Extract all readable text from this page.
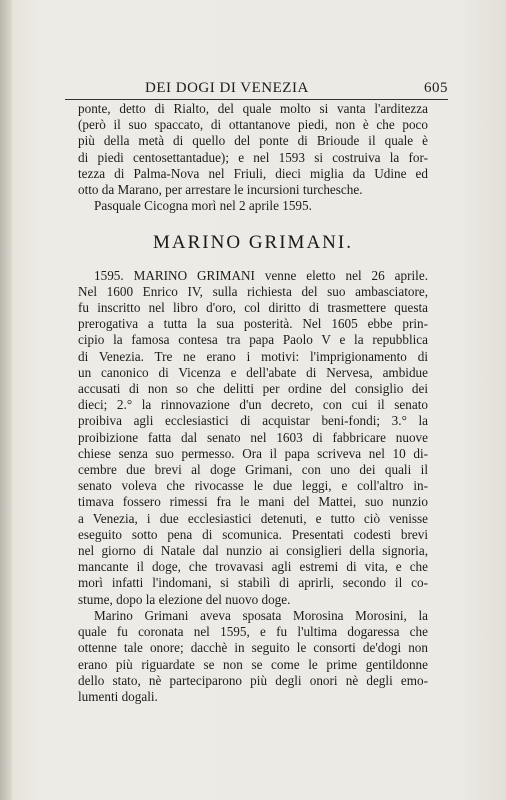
DEI DOGI DI VENEZIA	605
ponte, detto di Rialto, del quale molto si vanta l'arditezza
(però il suo spaccato, di ottantanove piedi, non è che poco
più della metà di quello del ponte di Brioude il quale è
di piedi centosettantadue); e nel 1593 si costruiva la for-
tezza di Palma-Nova nel Friuli, dieci miglia da Udine ed
otto da Marano, per arrestare le incursioni turchesche.
Pasquale Cicogna morì nel 2 aprile 1595.
MARINO GRIMANI.
1595. MARINO GRIMANI venne eletto nel 26 aprile.
Nel 1600 Enrico IV, sulla richiesta del suo ambasciatore,
fu inscritto nel libro d'oro, col diritto di trasmettere questa
prerogativa a tutta la sua posterità. Nel 1605 ebbe prin-
cipio la famosa contesa tra papa Paolo V e la repubblica
di Venezia. Tre ne erano i motivi: l'imprigionamento di
un canonico di Vicenza e dell'abate di Nervesa, ambidue
accusati di non so che delitti per ordine del consiglio dei
dieci; 2.° la rinnovazione d'un decreto, con cui il senato
proibiva agli ecclesiastici di acquistar beni-fondi; 3.° la
proibizione fatta dal senato nel 1603 di fabbricare nuove
chiese senza suo permesso. Ora il papa scriveva nel 10 di-
cembre due brevi al doge Grimani, con uno dei quali il
senato voleva che rivocasse le due leggi, e coll'altro in-
timava fossero rimessi fra le mani del Mattei, suo nunzio
a Venezia, i due ecclesiastici detenuti, e tutto ciò venisse
eseguito sotto pena di scomunica. Presentati codesti brevi
nel giorno di Natale dal nunzio ai consiglieri della signoria,
mancante il doge, che trovavasi agli estremi di vita, e che
morì infatti l'indomani, si stabilì di aprirli, secondo il co-
stume, dopo la elezione del nuovo doge.
Marino Grimani aveva sposata Morosina Morosini, la
quale fu coronata nel 1595, e fu l'ultima dogaressa che
ottenne tale onore; dacchè in seguito le consorti de'dogi non
erano più riguardate se non se come le prime gentildonne
dello stato, nè parteciparono più degli onori nè degli emo-
lumenti dogali.
